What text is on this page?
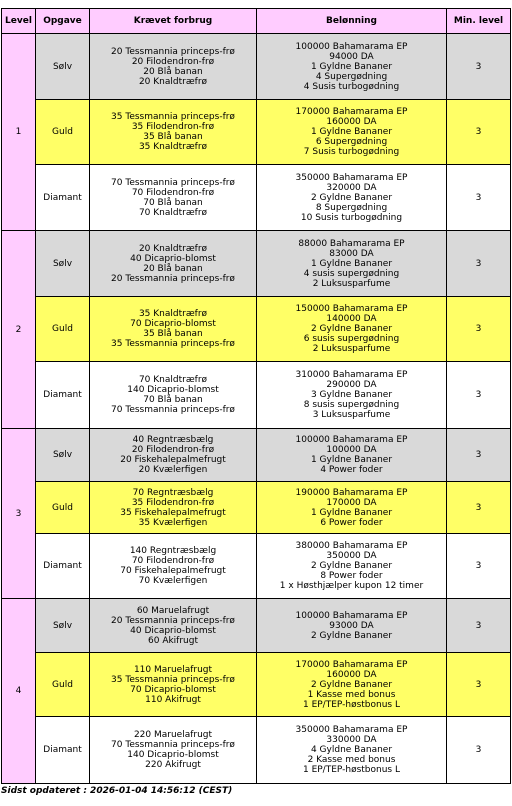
Level	Opgave	Krævet forbrug	Belønning	Min. level
1	Sølv	20 Tessmannia princeps-frø
20 Filodendron-frø
20 Blå banan
20 Knaldtræfrø	100000 Bahamarama EP
94000 DA
1 Gyldne Bananer
4 Supergødning
4 Susis turbogødning	3
	Guld	35 Tessmannia princeps-frø
35 Filodendron-frø
35 Blå banan
35 Knaldtræfrø	170000 Bahamarama EP
160000 DA
1 Gyldne Bananer
6 Supergødning
7 Susis turbogødning	3
	Diamant	70 Tessmannia princeps-frø
70 Filodendron-frø
70 Blå banan
70 Knaldtræfrø	350000 Bahamarama EP
320000 DA
2 Gyldne Bananer
8 Supergødning
10 Susis turbogødning	3
2	Sølv	20 Knaldtræfrø
40 Dicaprio-blomst
20 Blå banan
20 Tessmannia princeps-frø	88000 Bahamarama EP
83000 DA
1 Gyldne Bananer
4 susis supergødning
2 Luksusparfume	3
	Guld	35 Knaldtræfrø
70 Dicaprio-blomst
35 Blå banan
35 Tessmannia princeps-frø	150000 Bahamarama EP
140000 DA
2 Gyldne Bananer
6 susis supergødning
2 Luksusparfume	3
	Diamant	70 Knaldtræfrø
140 Dicaprio-blomst
70 Blå banan
70 Tessmannia princeps-frø	310000 Bahamarama EP
290000 DA
3 Gyldne Bananer
8 susis supergødning
3 Luksusparfume	3
3	Sølv	40 Regntræsbælg
20 Filodendron-frø
20 Fiskehalepalmefrugt
20 Kvælerfigen	100000 Bahamarama EP
100000 DA
1 Gyldne Bananer
4 Power foder	3
	Guld	70 Regntræsbælg
35 Filodendron-frø
35 Fiskehalepalmefrugt
35 Kvælerfigen	190000 Bahamarama EP
170000 DA
1 Gyldne Bananer
6 Power foder	3
	Diamant	140 Regntræsbælg
70 Filodendron-frø
70 Fiskehalepalmefrugt
70 Kvælerfigen	380000 Bahamarama EP
350000 DA
2 Gyldne Bananer
8 Power foder
1 x Høsthjælper kupon 12 timer	3
4	Sølv	60 Maruelafrugt
20 Tessmannia princeps-frø
40 Dicaprio-blomst
60 Akifrugt	100000 Bahamarama EP
93000 DA
2 Gyldne Bananer	3
	Guld	110 Maruelafrugt
35 Tessmannia princeps-frø
70 Dicaprio-blomst
110 Akifrugt	170000 Bahamarama EP
160000 DA
2 Gyldne Bananer
1 Kasse med bonus
1 EP/TEP-høstbonus L	3
	Diamant	220 Maruelafrugt
70 Tessmannia princeps-frø
140 Dicaprio-blomst
220 Akifrugt	350000 Bahamarama EP
330000 DA
4 Gyldne Bananer
2 Kasse med bonus
1 EP/TEP-høstbonus L	3
Sidst opdateret : 2026-01-04 14:56:12 (CEST)
